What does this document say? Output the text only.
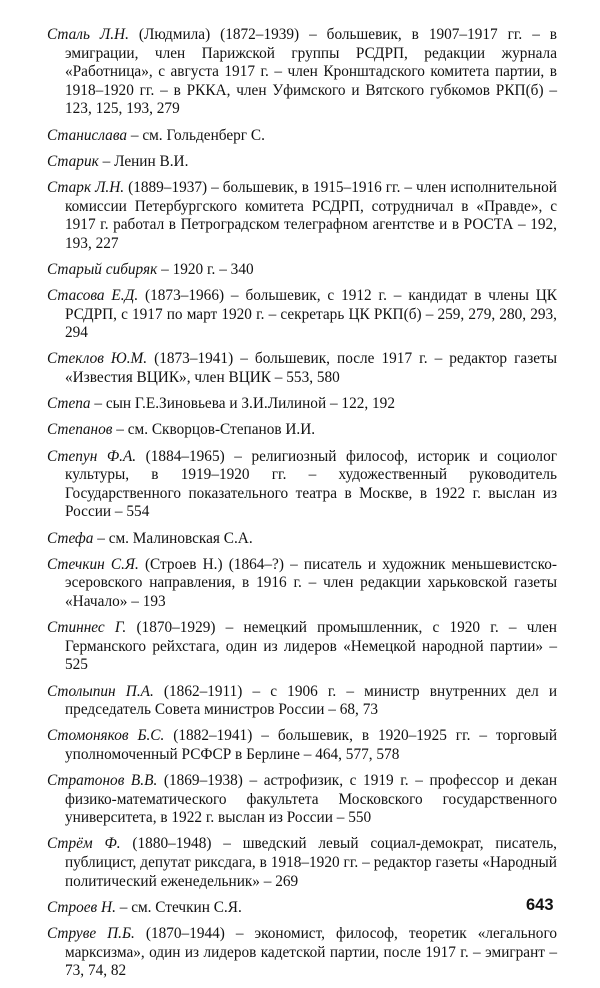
Сталь Л.Н. (Людмила) (1872–1939) – большевик, в 1907–1917 гг. – в эмиграции, член Парижской группы РСДРП, редакции журнала «Работница», с августа 1917 г. – член Кронштадского комитета партии, в 1918–1920 гг. – в РККА, член Уфимского и Вятского губкомов РКП(б) – 123, 125, 193, 279

Станислава – см. Гольденберг С.

Старик – Ленин В.И.

Старк Л.Н. (1889–1937) – большевик, в 1915–1916 гг. – член исполнительной комиссии Петербургского комитета РСДРП, сотрудничал в «Правде», с 1917 г. работал в Петроградском телеграфном агентстве и в РОСТА – 192, 193, 227

Старый сибиряк – 1920 г. – 340

Стасова Е.Д. (1873–1966) – большевик, с 1912 г. – кандидат в члены ЦК РСДРП, с 1917 по март 1920 г. – секретарь ЦК РКП(б) – 259, 279, 280, 293, 294

Стеклов Ю.М. (1873–1941) – большевик, после 1917 г. – редактор газеты «Известия ВЦИК», член ВЦИК – 553, 580

Степа – сын Г.Е.Зиновьева и З.И.Лилиной – 122, 192

Степанов – см. Скворцов-Степанов И.И.

Степун Ф.А. (1884–1965) – религиозный философ, историк и социолог культуры, в 1919–1920 гг. – художественный руководитель Государственного показательного театра в Москве, в 1922 г. выслан из России – 554

Стефа – см. Малиновская С.А.

Стечкин С.Я. (Строев Н.) (1864–?) – писатель и художник меньшевистско-эсеровского направления, в 1916 г. – член редакции харьковской газеты «Начало» – 193

Стиннес Г. (1870–1929) – немецкий промышленник, с 1920 г. – член Германского рейхстага, один из лидеров «Немецкой народной партии» – 525

Столыпин П.А. (1862–1911) – с 1906 г. – министр внутренних дел и председатель Совета министров России – 68, 73

Стомоняков Б.С. (1882–1941) – большевик, в 1920–1925 гг. – торговый уполномоченный РСФСР в Берлине – 464, 577, 578

Стратонов В.В. (1869–1938) – астрофизик, с 1919 г. – профессор и декан физико-математического факультета Московского государственного университета, в 1922 г. выслан из России – 550

Стрём Ф. (1880–1948) – шведский левый социал-демократ, писатель, публицист, депутат риксдага, в 1918–1920 гг. – редактор газеты «Народный политический еженедельник» – 269

Строев Н. – см. Стечкин С.Я.

Струве П.Б. (1870–1944) – экономист, философ, теоретик «легального марксизма», один из лидеров кадетской партии, после 1917 г. – эмигрант – 73, 74, 82

643
